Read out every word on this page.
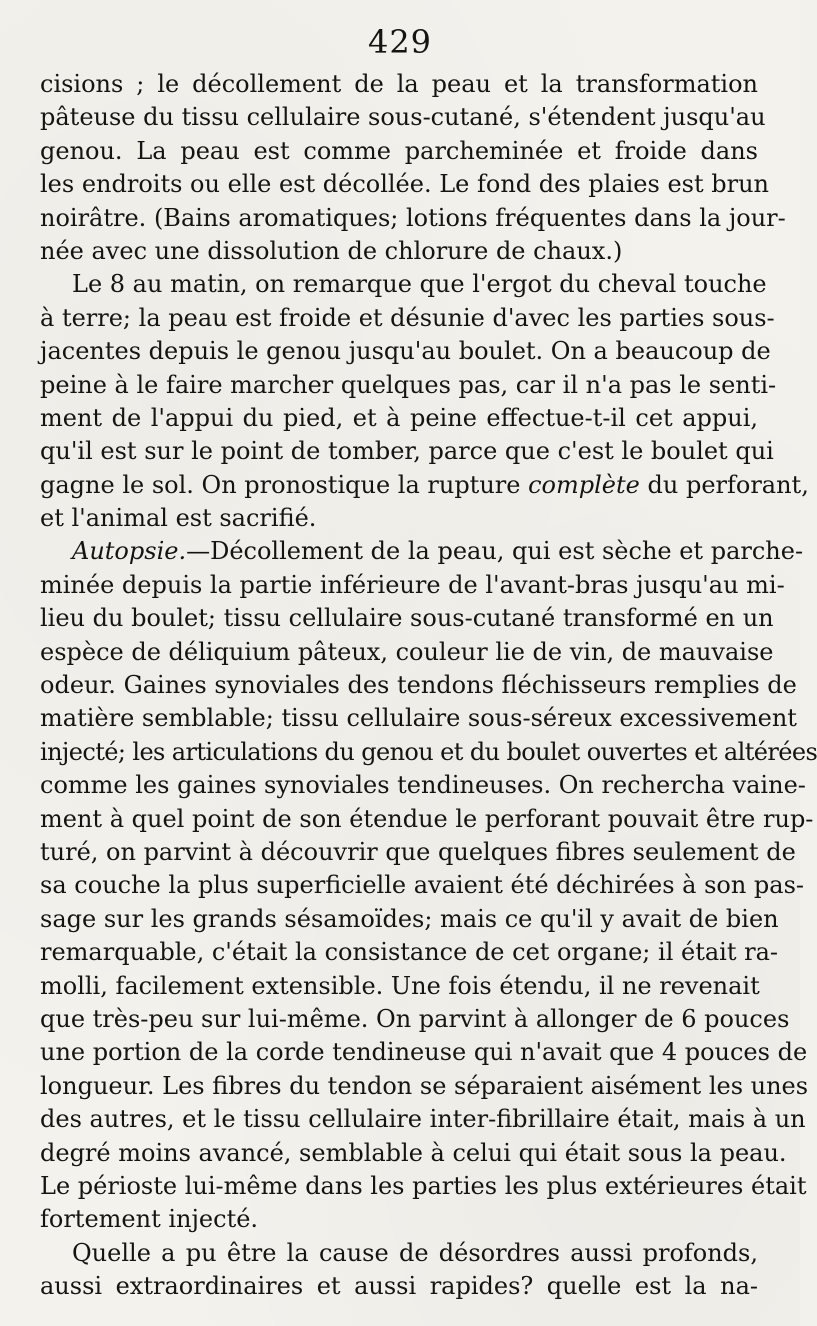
429
cisions ; le décollement de la peau et la transformation
pâteuse du tissu cellulaire sous-cutané, s'étendent jusqu'au
genou. La peau est comme parcheminée et froide dans
les endroits ou elle est décollée. Le fond des plaies est brun
noirâtre. (Bains aromatiques; lotions fréquentes dans la jour-
née avec une dissolution de chlorure de chaux.)
Le 8 au matin, on remarque que l'ergot du cheval touche
à terre; la peau est froide et désunie d'avec les parties sous-
jacentes depuis le genou jusqu'au boulet. On a beaucoup de
peine à le faire marcher quelques pas, car il n'a pas le senti-
ment de l'appui du pied, et à peine effectue-t-il cet appui,
qu'il est sur le point de tomber, parce que c'est le boulet qui
gagne le sol. On pronostique la rupture complète du perforant,
et l'animal est sacrifié.
Autopsie.—Décollement de la peau, qui est sèche et parche-
minée depuis la partie inférieure de l'avant-bras jusqu'au mi-
lieu du boulet; tissu cellulaire sous-cutané transformé en un
espèce de déliquium pâteux, couleur lie de vin, de mauvaise
odeur. Gaines synoviales des tendons fléchisseurs remplies de
matière semblable; tissu cellulaire sous-séreux excessivement
injecté; les articulations du genou et du boulet ouvertes et altérées
comme les gaines synoviales tendineuses. On rechercha vaine-
ment à quel point de son étendue le perforant pouvait être rup-
turé, on parvint à découvrir que quelques fibres seulement de
sa couche la plus superficielle avaient été déchirées à son pas-
sage sur les grands sésamoïdes; mais ce qu'il y avait de bien
remarquable, c'était la consistance de cet organe; il était ra-
molli, facilement extensible. Une fois étendu, il ne revenait
que très-peu sur lui-même. On parvint à allonger de 6 pouces
une portion de la corde tendineuse qui n'avait que 4 pouces de
longueur. Les fibres du tendon se séparaient aisément les unes
des autres, et le tissu cellulaire inter-fibrillaire était, mais à un
degré moins avancé, semblable à celui qui était sous la peau.
Le périoste lui-même dans les parties les plus extérieures était
fortement injecté.
Quelle a pu être la cause de désordres aussi profonds,
aussi extraordinaires et aussi rapides? quelle est la na-
